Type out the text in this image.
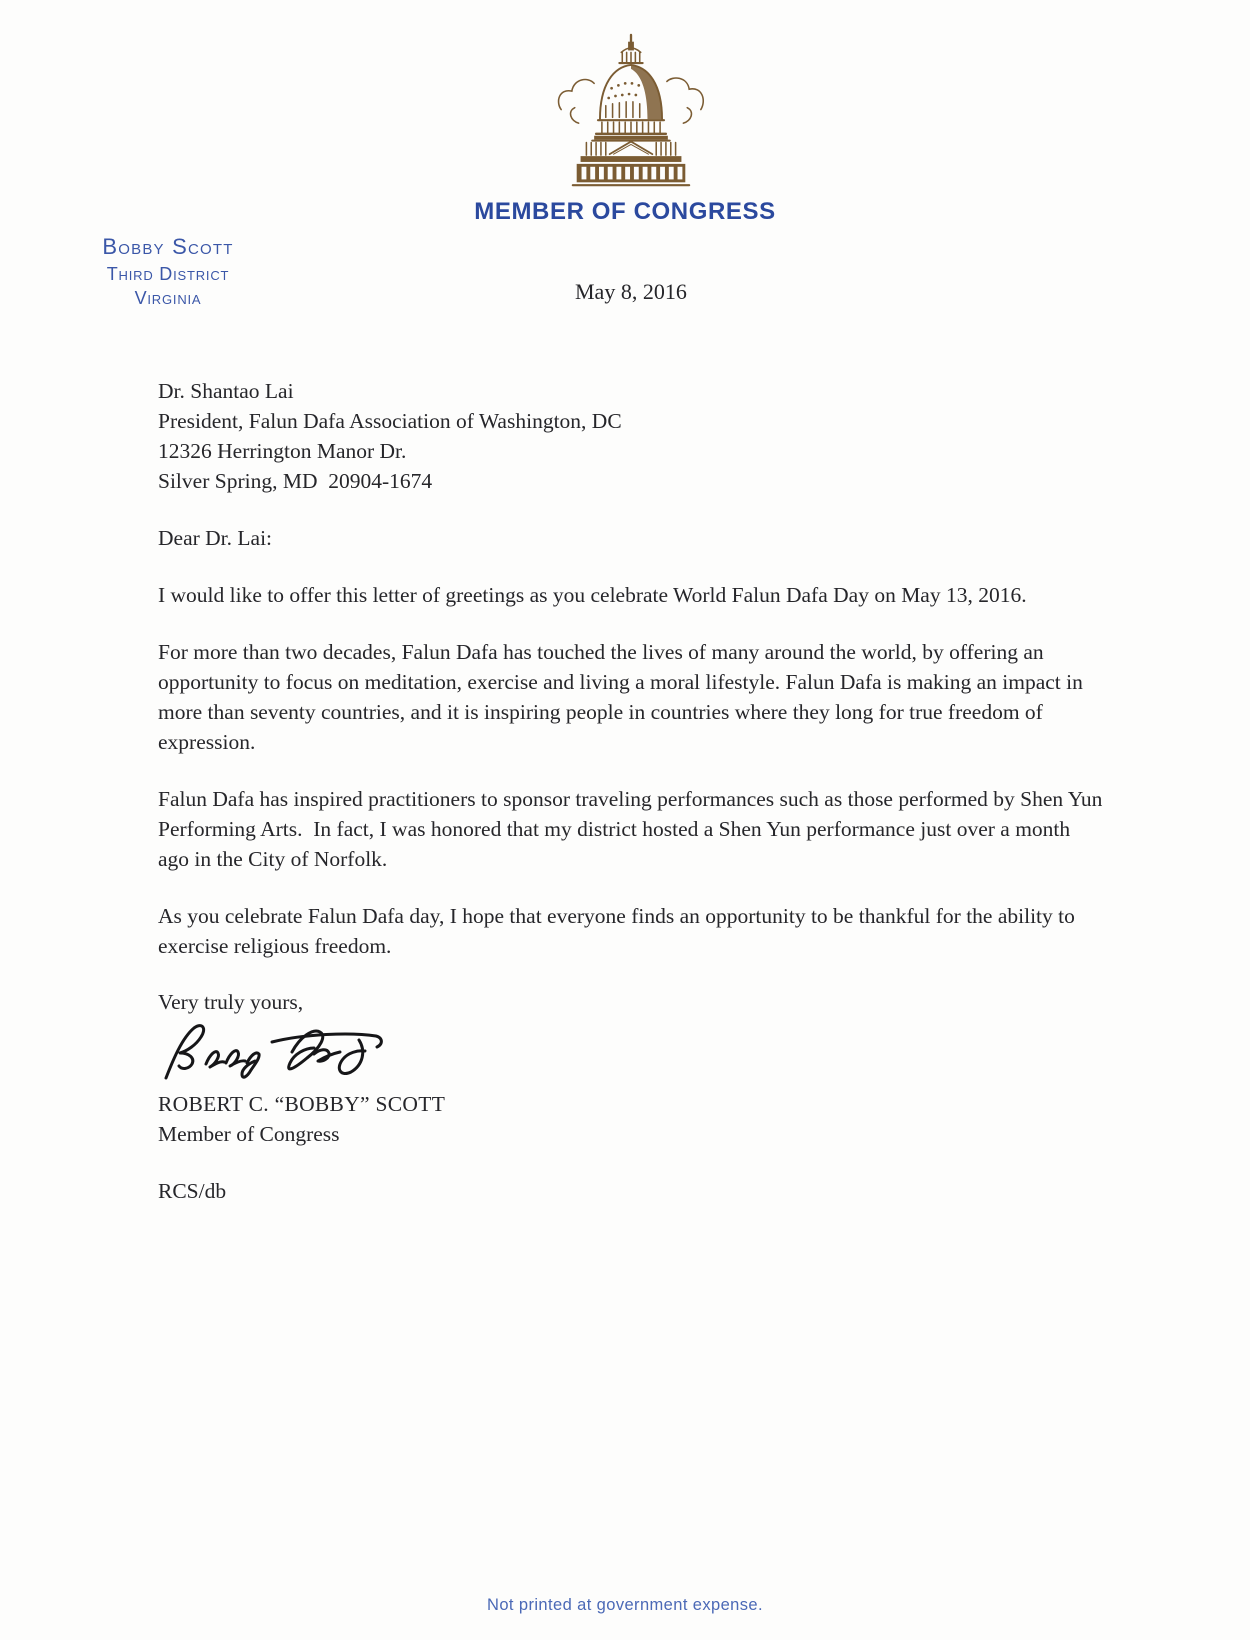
MEMBER OF CONGRESS
Bobby Scott
Third District
Virginia	May 8, 2016
Dr. Shantao Lai
President, Falun Dafa Association of Washington, DC
12326 Herrington Manor Dr.
Silver Spring, MD  20904-1674
Dear Dr. Lai:

I would like to offer this letter of greetings as you celebrate World Falun Dafa Day on May 13, 2016.

For more than two decades, Falun Dafa has touched the lives of many around the world, by offering an opportunity to focus on meditation, exercise and living a moral lifestyle. Falun Dafa is making an impact in more than seventy countries, and it is inspiring people in countries where they long for true freedom of expression.

Falun Dafa has inspired practitioners to sponsor traveling performances such as those performed by Shen Yun Performing Arts.  In fact, I was honored that my district hosted a Shen Yun performance just over a month ago in the City of Norfolk.

As you celebrate Falun Dafa day, I hope that everyone finds an opportunity to be thankful for the ability to exercise religious freedom.

Very truly yours,
ROBERT C. “BOBBY” SCOTT
Member of Congress
RCS/db
Not printed at government expense.
